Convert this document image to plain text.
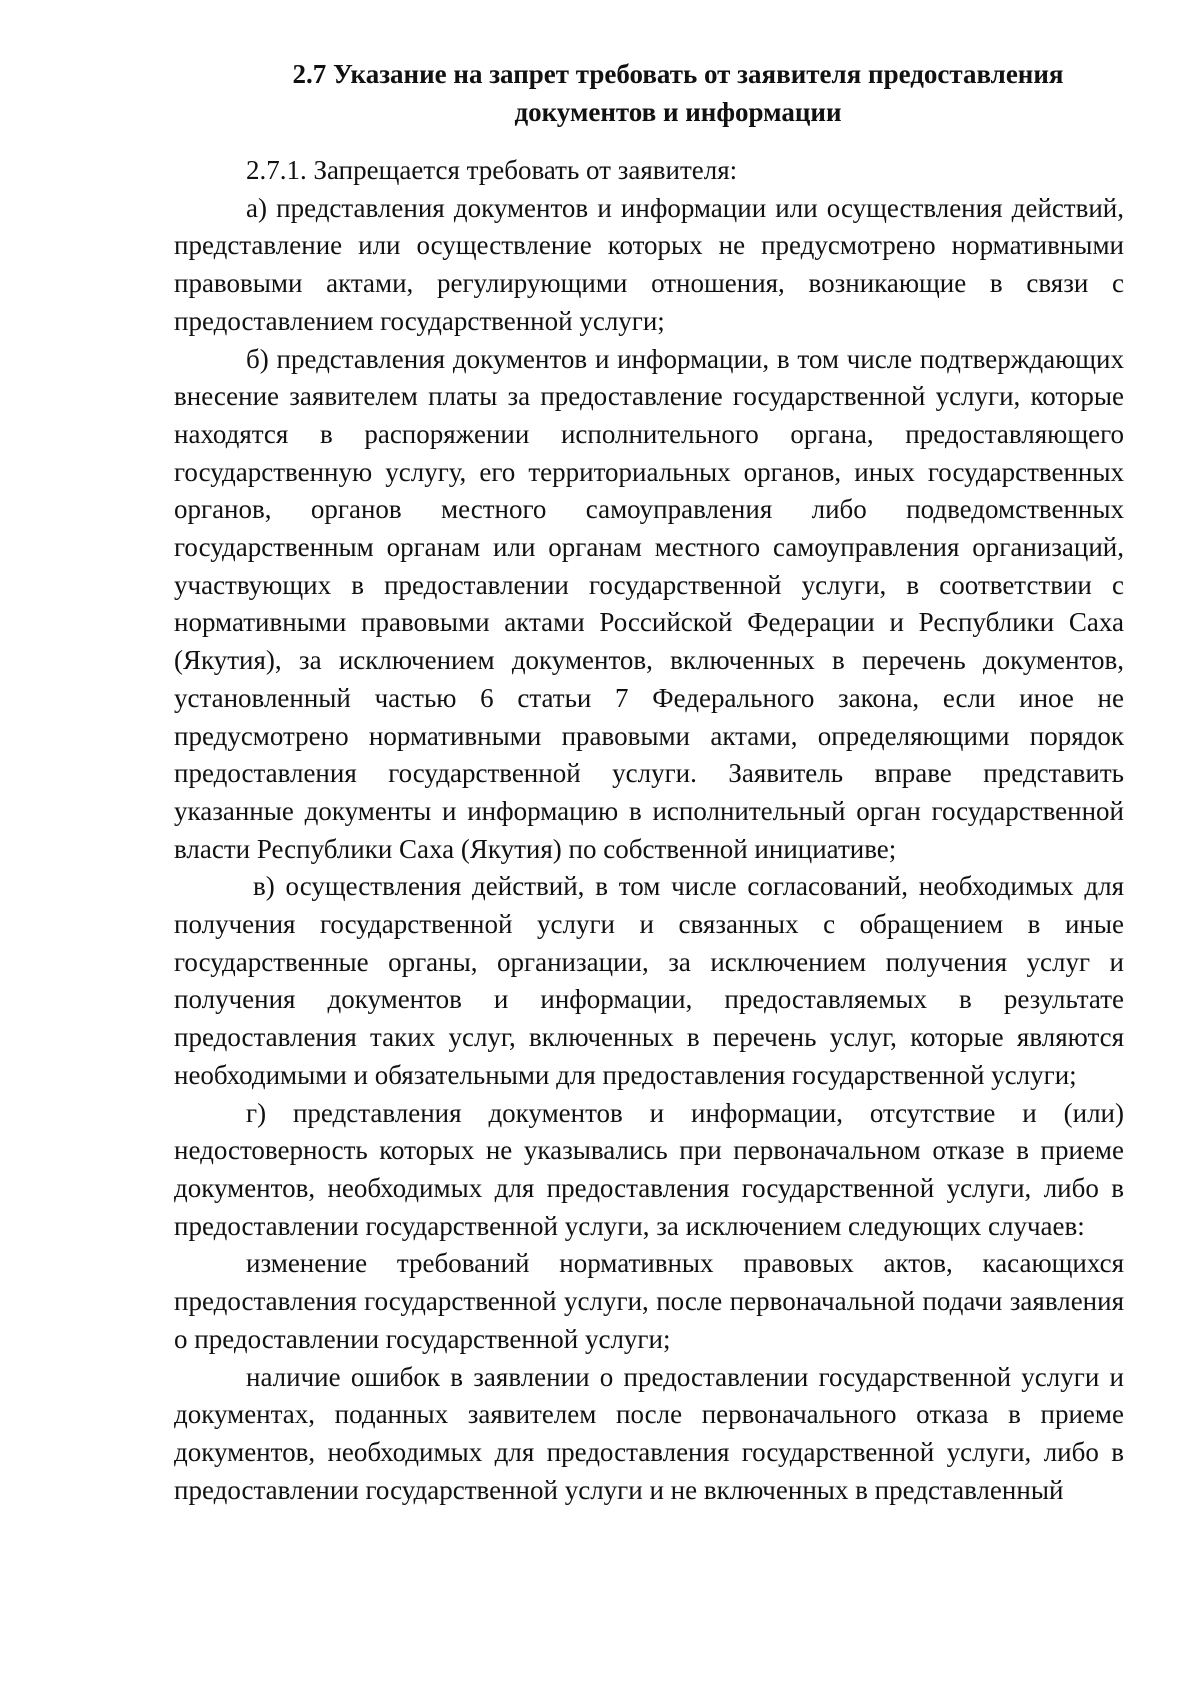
2.7 Указание на запрет требовать от заявителя предоставления
документов и информации

2.7.1. Запрещается требовать от заявителя:

а) представления документов и информации или осуществления действий, представление или осуществление которых не предусмотрено нормативными правовыми актами, регулирующими отношения, возникающие в связи с предоставлением государственной услуги;

б) представления документов и информации, в том числе подтверждающих внесение заявителем платы за предоставление государственной услуги, которые находятся в распоряжении исполнительного органа, предоставляющего государственную услугу, его территориальных органов, иных государственных органов, органов местного самоуправления либо подведомственных государственным органам или органам местного самоуправления организаций, участвующих в предоставлении государственной услуги, в соответствии с нормативными правовыми актами Российской Федерации и Республики Саха (Якутия), за исключением документов, включенных в перечень документов, установленный частью 6 статьи 7 Федерального закона, если иное не предусмотрено нормативными правовыми актами, определяющими порядок предоставления государственной услуги. Заявитель вправе представить указанные документы и информацию в исполнительный орган государственной власти Республики Саха (Якутия) по собственной инициативе;

в) осуществления действий, в том числе согласований, необходимых для получения государственной услуги и связанных с обращением в иные государственные органы, организации, за исключением получения услуг и получения документов и информации, предоставляемых в результате предоставления таких услуг, включенных в перечень услуг, которые являются необходимыми и обязательными для предоставления государственной услуги;

г) представления документов и информации, отсутствие и (или) недостоверность которых не указывались при первоначальном отказе в приеме документов, необходимых для предоставления государственной услуги, либо в предоставлении государственной услуги, за исключением следующих случаев:

изменение требований нормативных правовых актов, касающихся предоставления государственной услуги, после первоначальной подачи заявления о предоставлении государственной услуги;

наличие ошибок в заявлении о предоставлении государственной услуги и документах, поданных заявителем после первоначального отказа в приеме документов, необходимых для предоставления государственной услуги, либо в предоставлении государственной услуги и не включенных в представленный
